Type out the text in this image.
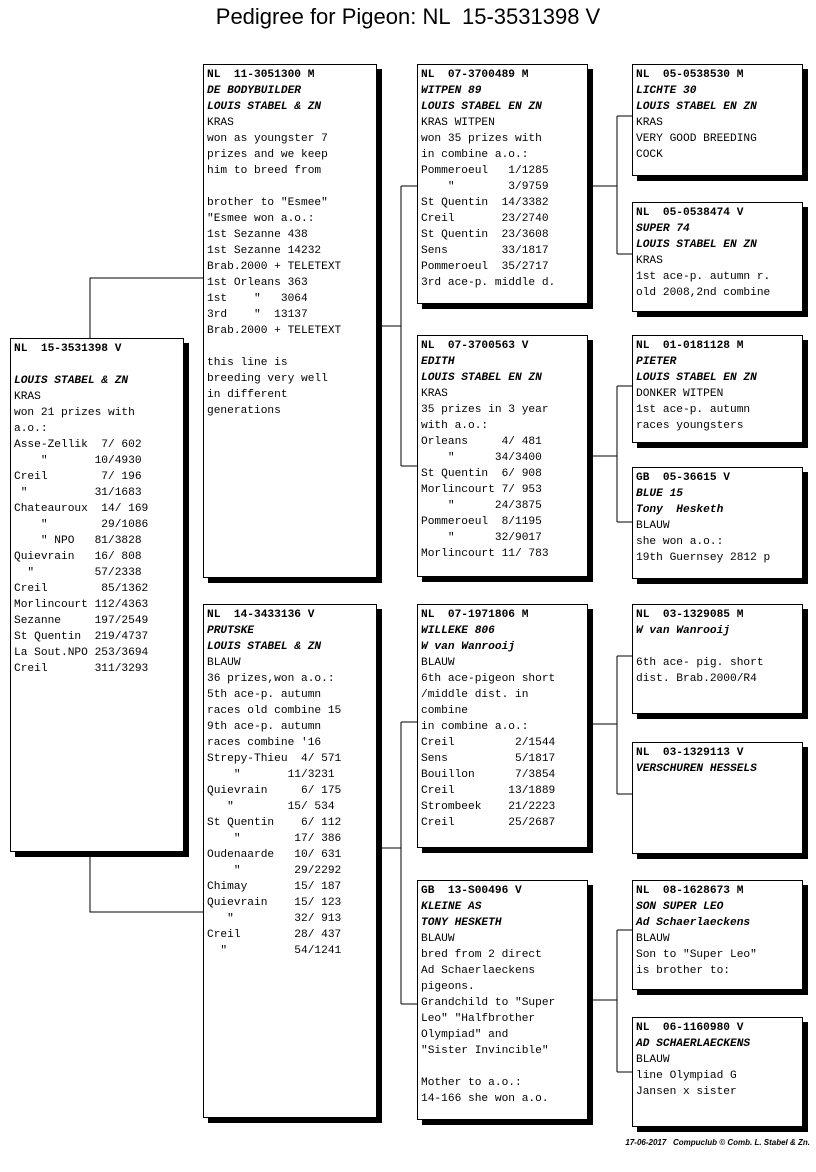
Pedigree for Pigeon: NL  15-3531398 V
NL  15-3531398 V
LOUIS STABEL & ZN
KRAS
won 21 prizes with
a.o.:
Asse-Zellik  7/ 602
"       10/4930
Creil        7/ 196
"          31/1683
Chateauroux  14/ 169
"        29/1086
" NPO   81/3828
Quievrain   16/ 808
"         57/2338
Creil        85/1362
Morlincourt 112/4363
Sezanne     197/2549
St Quentin  219/4737
La Sout.NPO 253/3694
Creil       311/3293
NL  11-3051300 M
DE BODYBUILDER
LOUIS STABEL & ZN
KRAS
won as youngster 7
prizes and we keep
him to breed from
brother to "Esmee"
"Esmee won a.o.:
1st Sezanne 438
1st Sezanne 14232
Brab.2000 + TELETEXT
1st Orleans 363
1st    "   3064
3rd    "  13137
Brab.2000 + TELETEXT
this line is
breeding very well
in different
generations
NL  14-3433136 V
PRUTSKE
LOUIS STABEL & ZN
BLAUW
36 prizes,won a.o.:
5th ace-p. autumn
races old combine 15
9th ace-p. autumn
races combine '16
Strepy-Thieu  4/ 571
"       11/3231
Quievrain     6/ 175
"        15/ 534
St Quentin    6/ 112
"        17/ 386
Oudenaarde   10/ 631
"        29/2292
Chimay       15/ 187
Quievrain    15/ 123
"         32/ 913
Creil        28/ 437
"          54/1241
NL  07-3700489 M
WITPEN 89
LOUIS STABEL EN ZN
KRAS WITPEN
won 35 prizes with
in combine a.o.:
Pommeroeul   1/1285
"        3/9759
St Quentin  14/3382
Creil       23/2740
St Quentin  23/3608
Sens        33/1817
Pommeroeul  35/2717
3rd ace-p. middle d.
NL  07-3700563 V
EDITH
LOUIS STABEL EN ZN
KRAS
35 prizes in 3 year
with a.o.:
Orleans     4/ 481
"      34/3400
St Quentin  6/ 908
Morlincourt 7/ 953
"      24/3875
Pommeroeul  8/1195
"      32/9017
Morlincourt 11/ 783
NL  07-1971806 M
WILLEKE 806
W van Wanrooij
BLAUW
6th ace-pigeon short
/middle dist. in
combine
in combine a.o.:
Creil         2/1544
Sens          5/1817
Bouillon      7/3854
Creil        13/1889
Strombeek    21/2223
Creil        25/2687
GB  13-S00496 V
KLEINE AS
TONY HESKETH
BLAUW
bred from 2 direct
Ad Schaerlaeckens
pigeons.
Grandchild to "Super
Leo" "Halfbrother
Olympiad" and
"Sister Invincible"
Mother to a.o.:
14-166 she won a.o.
NL  05-0538530 M
LICHTE 30
LOUIS STABEL EN ZN
KRAS
VERY GOOD BREEDING
COCK
NL  05-0538474 V
SUPER 74
LOUIS STABEL EN ZN
KRAS
1st ace-p. autumn r.
old 2008,2nd combine
NL  01-0181128 M
PIETER
LOUIS STABEL EN ZN
DONKER WITPEN
1st ace-p. autumn
races youngsters
GB  05-36615 V
BLUE 15
Tony  Hesketh
BLAUW
she won a.o.:
19th Guernsey 2812 p
NL  03-1329085 M
W van Wanrooij
6th ace- pig. short
dist. Brab.2000/R4
NL  03-1329113 V
VERSCHUREN HESSELS
NL  08-1628673 M
SON SUPER LEO
Ad Schaerlaeckens
BLAUW
Son to "Super Leo"
is brother to:
NL  06-1160980 V
AD SCHAERLAECKENS
BLAUW
line Olympiad G
Jansen x sister
17-06-2017   Compuclub © Comb. L. Stabel & Zn.
